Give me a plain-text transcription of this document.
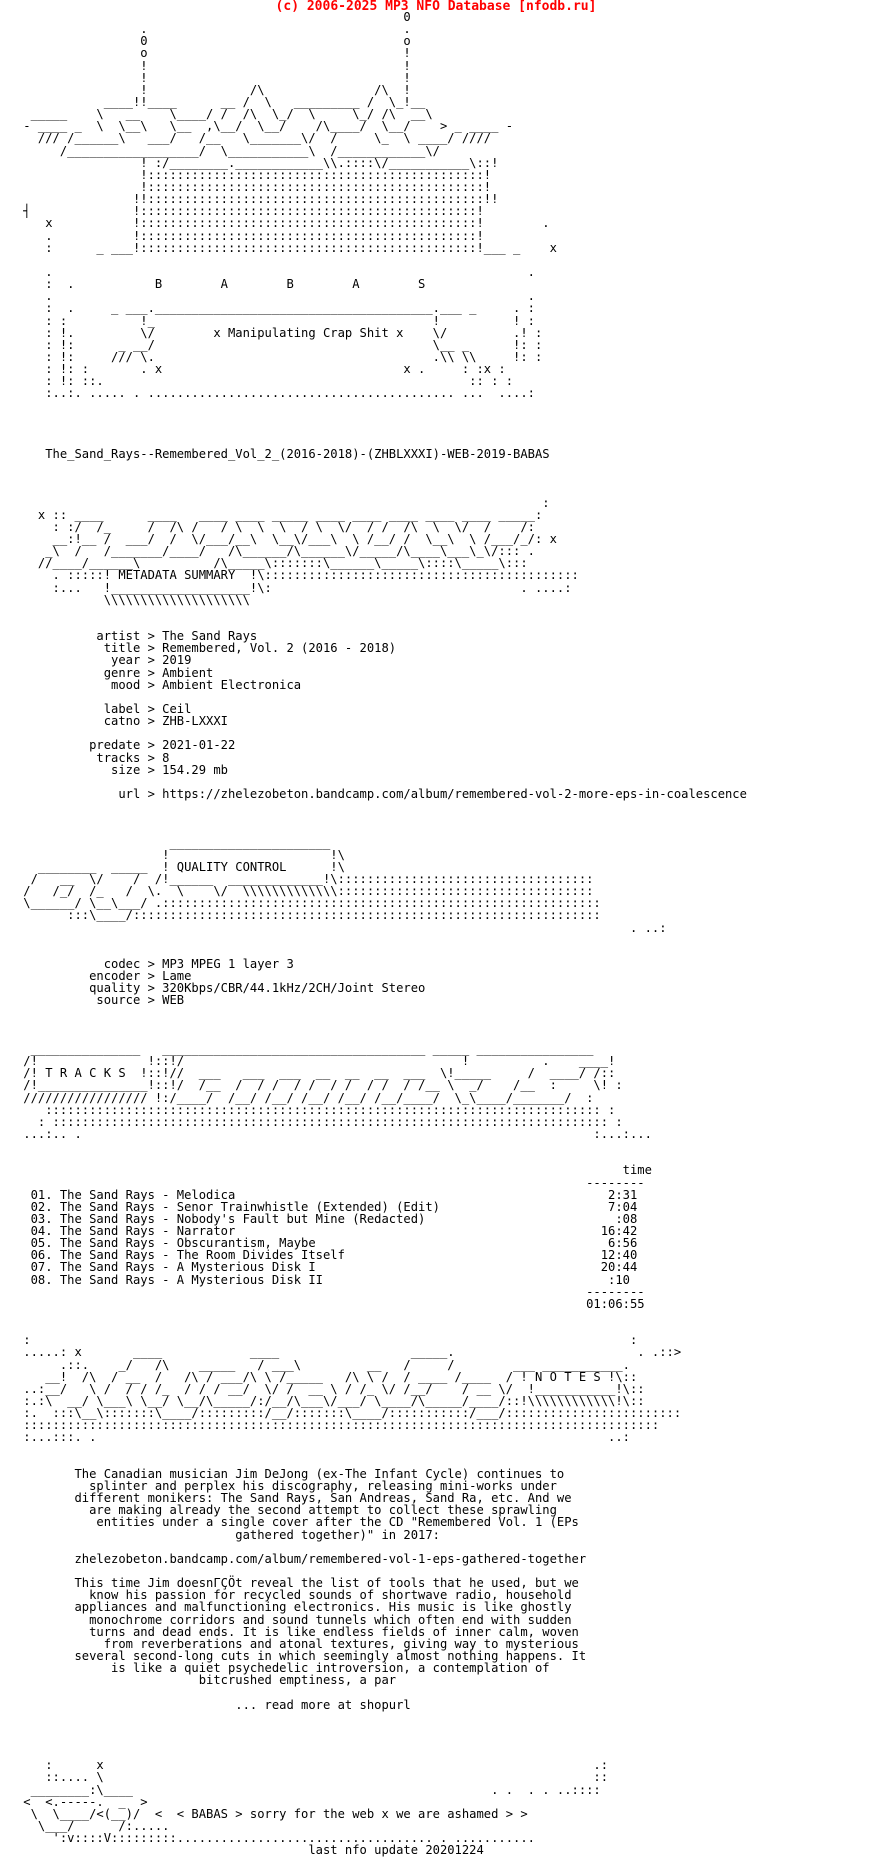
(c) 2006-2025 MP3 NFO Database [nfodb.ru]
0
.                                   .
0                                   o
o                                   !
!                                   !
!                                   !
!              /\               /\  !
____!!____      __ /  \   _________ /  \_!__
_____    \   __    \____/ /  /\  \_/  \     \_/ /\  __\
- ____ _  \  \__\   \__  ,\__/  \__/    /\____/  \__/    > _ ____ -
/// /______\   ___/   /__   \_______\/  /     \_  \ ____/ ////
/__________________/  \___________\  /____________\/
! :/________.____________\\.::::\/___________\::!
!::::::::::::::::::::::::::::::::::::::::::::::!
!::::::::::::::::::::::::::::::::::::::::::::::!
!!::::::::::::::::::::::::::::::::::::::::::::::!!
┤              !::::::::::::::::::::::::::::::::::::::::::::::!
x           !::::::::::::::::::::::::::::::::::::::::::::::!        .
.           !::::::::::::::::::::::::::::::::::::::::::::::!
:      _ ___!::::::::::::::::::::::::::::::::::::::::::::::!___ _    x

.                                                                 .
:  .           B        A        B        A        S
.                                                                 .
:  .     _ ___.______________________________________.___ _     . :
: :          !_                                      !          ! :
: !.         \/        x Manipulating Crap Shit x    \/         .! :
: !:      _ __/                                      \__ _      !: :
: !:     /// \.                                      .\\ \\     !: :
: !: :       . x                                 x .     : :x :
: !: ::.                                                  :: : :
:..:. ..... . .......................................... ...  ....:

The_Sand_Rays--Remembered_Vol_2_(2016-2018)-(ZHBLXXXI)-WEB-2019-BABAS

:
x :: ____      ____   ____ ____ _____ ____ ____ ____ ____ ____ _____:
: :/  /_     /  /\ /   / \  \  \  / \  \/  / /  /\  \  \/  /    /:
__:!__ /  ___/  /  \/___/__\  \__\/___\  \ /__/ /  \__\  \ /___/_/: x
_\  /   /_______/____/   /\______/\______\/_____/\____\___\_\/::: .
//____/______\          /\_____\:::::::\______\_____\::::\_____\:::
. :::::! METADATA SUMMARY  !\:::::::::::::::::::::::::::::::::::::::::::
:...   !___________________!\:                                  . ....:
\\\\\\\\\\\\\\\\\\\\

artist > The Sand Rays
title > Remembered, Vol. 2 (2016 - 2018)
year > 2019
genre > Ambient
mood > Ambient Electronica

label > Ceil
catno > ZHB-LXXXI

predate > 2021-01-22
tracks > 8
size > 154.29 mb

url > https://zhelezobeton.bandcamp.com/album/remembered-vol-2-more-eps-in-coalescence

______________________
!                      !\
________  _____  ! QUALITY CONTROL      !\
/   __  \/    /  /!______  _____________!\:::::::::::::::::::::::::::::::::::
/   /_/  /_   /  \.  \    \/  \\\\\\\\\\\\\:::::::::::::::::::::::::::::::::::
\______/ \__\___/ .::::::::::::::::::::::::::::::::::::::::::::::::::::::::::::
:::\____/::::::::::::::::::::::::::::::::::::::::::::::::::::::::::::::::
. ..:

codec > MP3 MPEG 1 layer 3
encoder > Lame
quality > 320Kbps/CBR/44.1kHz/2CH/Joint Stereo
source > WEB

_______________   ____________________________________ _____ ________________
/!               !::!/                                      !          .    ____!
/! T R A C K S  !::!//  ___   ___  ___  __  __  __  ___  \!_____     /  ____/ /::
/!_______________!::!/  /__  /  / /  / /  / /  / /  / /__ \  _/    /__  :     \! :
///////////////// !:/____/  /__/ /__/ /__/ /__/ /__/____/  \_\____/_______/  :
:::::::::::::::::::::::::::::::::::::::::::::::::::::::::::::::::::::::::::: :
: :::::::::::::::::::::::::::::::::::::::::::::::::::::::::::::::::::::::::::: :
...:.. .                                                                      :...:...

time
--------
01. The Sand Rays - Melodica                                                   2:31
02. The Sand Rays - Senor Trainwhistle (Extended) (Edit)                       7:04
03. The Sand Rays - Nobody's Fault but Mine (Redacted)                          :08
04. The Sand Rays - Narrator                                                  16:42
05. The Sand Rays - Obscurantism, Maybe                                        6:56
06. The Sand Rays - The Room Divides Itself                                   12:40
07. The Sand Rays - A Mysterious Disk I                                       20:44
08. The Sand Rays - A Mysterious Disk II                                       :10
--------
01:06:55

:                                                                                  :
.....: x       ____            ____                  _____.                         . .::>
.::.    _/   /\    _____   / ___\         __   /     /        ___ ___________.
__!  /\  / __  /   /\ / ___/\ \ /_____   /\ \ /  / ____ /____  / ! N O T E S !\::
..:__/   \ /  / / /_  / / / __/  \/ /  __ \ / /_ \/ /__/    / __ \/  !___________!\::
:.:\  __/ \___\ \__/ \__/\_____/:/__/\___\/___/ \____/\_____/____/::!\\\\\\\\\\\\!\::
:.  :::\__\:::::::\____/:::::::::/__/:::::::\____/:::::::::::/___/::::::::::::::::::::::::
:::::::::::::::::::::::::::::::::::::::::::::::::::::::::::::::::::::::::::::::::::::::
:...:::. .                                                                      ..:

The Canadian musician Jim DeJong (ex-The Infant Cycle) continues to
splinter and perplex his discography, releasing mini-works under
different monikers: The Sand Rays, San Andreas, Sand Ra, etc. And we
are making already the second attempt to collect these sprawling
entities under a single cover after the CD "Remembered Vol. 1 (EPs
gathered together)" in 2017:

zhelezobeton.bandcamp.com/album/remembered-vol-1-eps-gathered-together

This time Jim doesnΓÇÖt reveal the list of tools that he used, but we
know his passion for recycled sounds of shortwave radio, household
appliances and malfunctioning electronics. His music is like ghostly
monochrome corridors and sound tunnels which often end with sudden
turns and dead ends. It is like endless fields of inner calm, woven
from reverberations and atonal textures, giving way to mysterious
several second-long cuts in which seemingly almost nothing happens. It
is like a quiet psychedelic introversion, a contemplation of
bitcrushed emptiness, a par

... read more at shopurl

:      x                                                                   .:
::.... \                                                                   ::
________:\____                                                 . .  . . ..::::
<  <.-----.  _  >
\  \____/<(__)/  <  < BABAS > sorry for the web x we are ashamed > >
\___/      /:.....
':v::::V:::::::::................................... . ...........
last nfo update 20201224
